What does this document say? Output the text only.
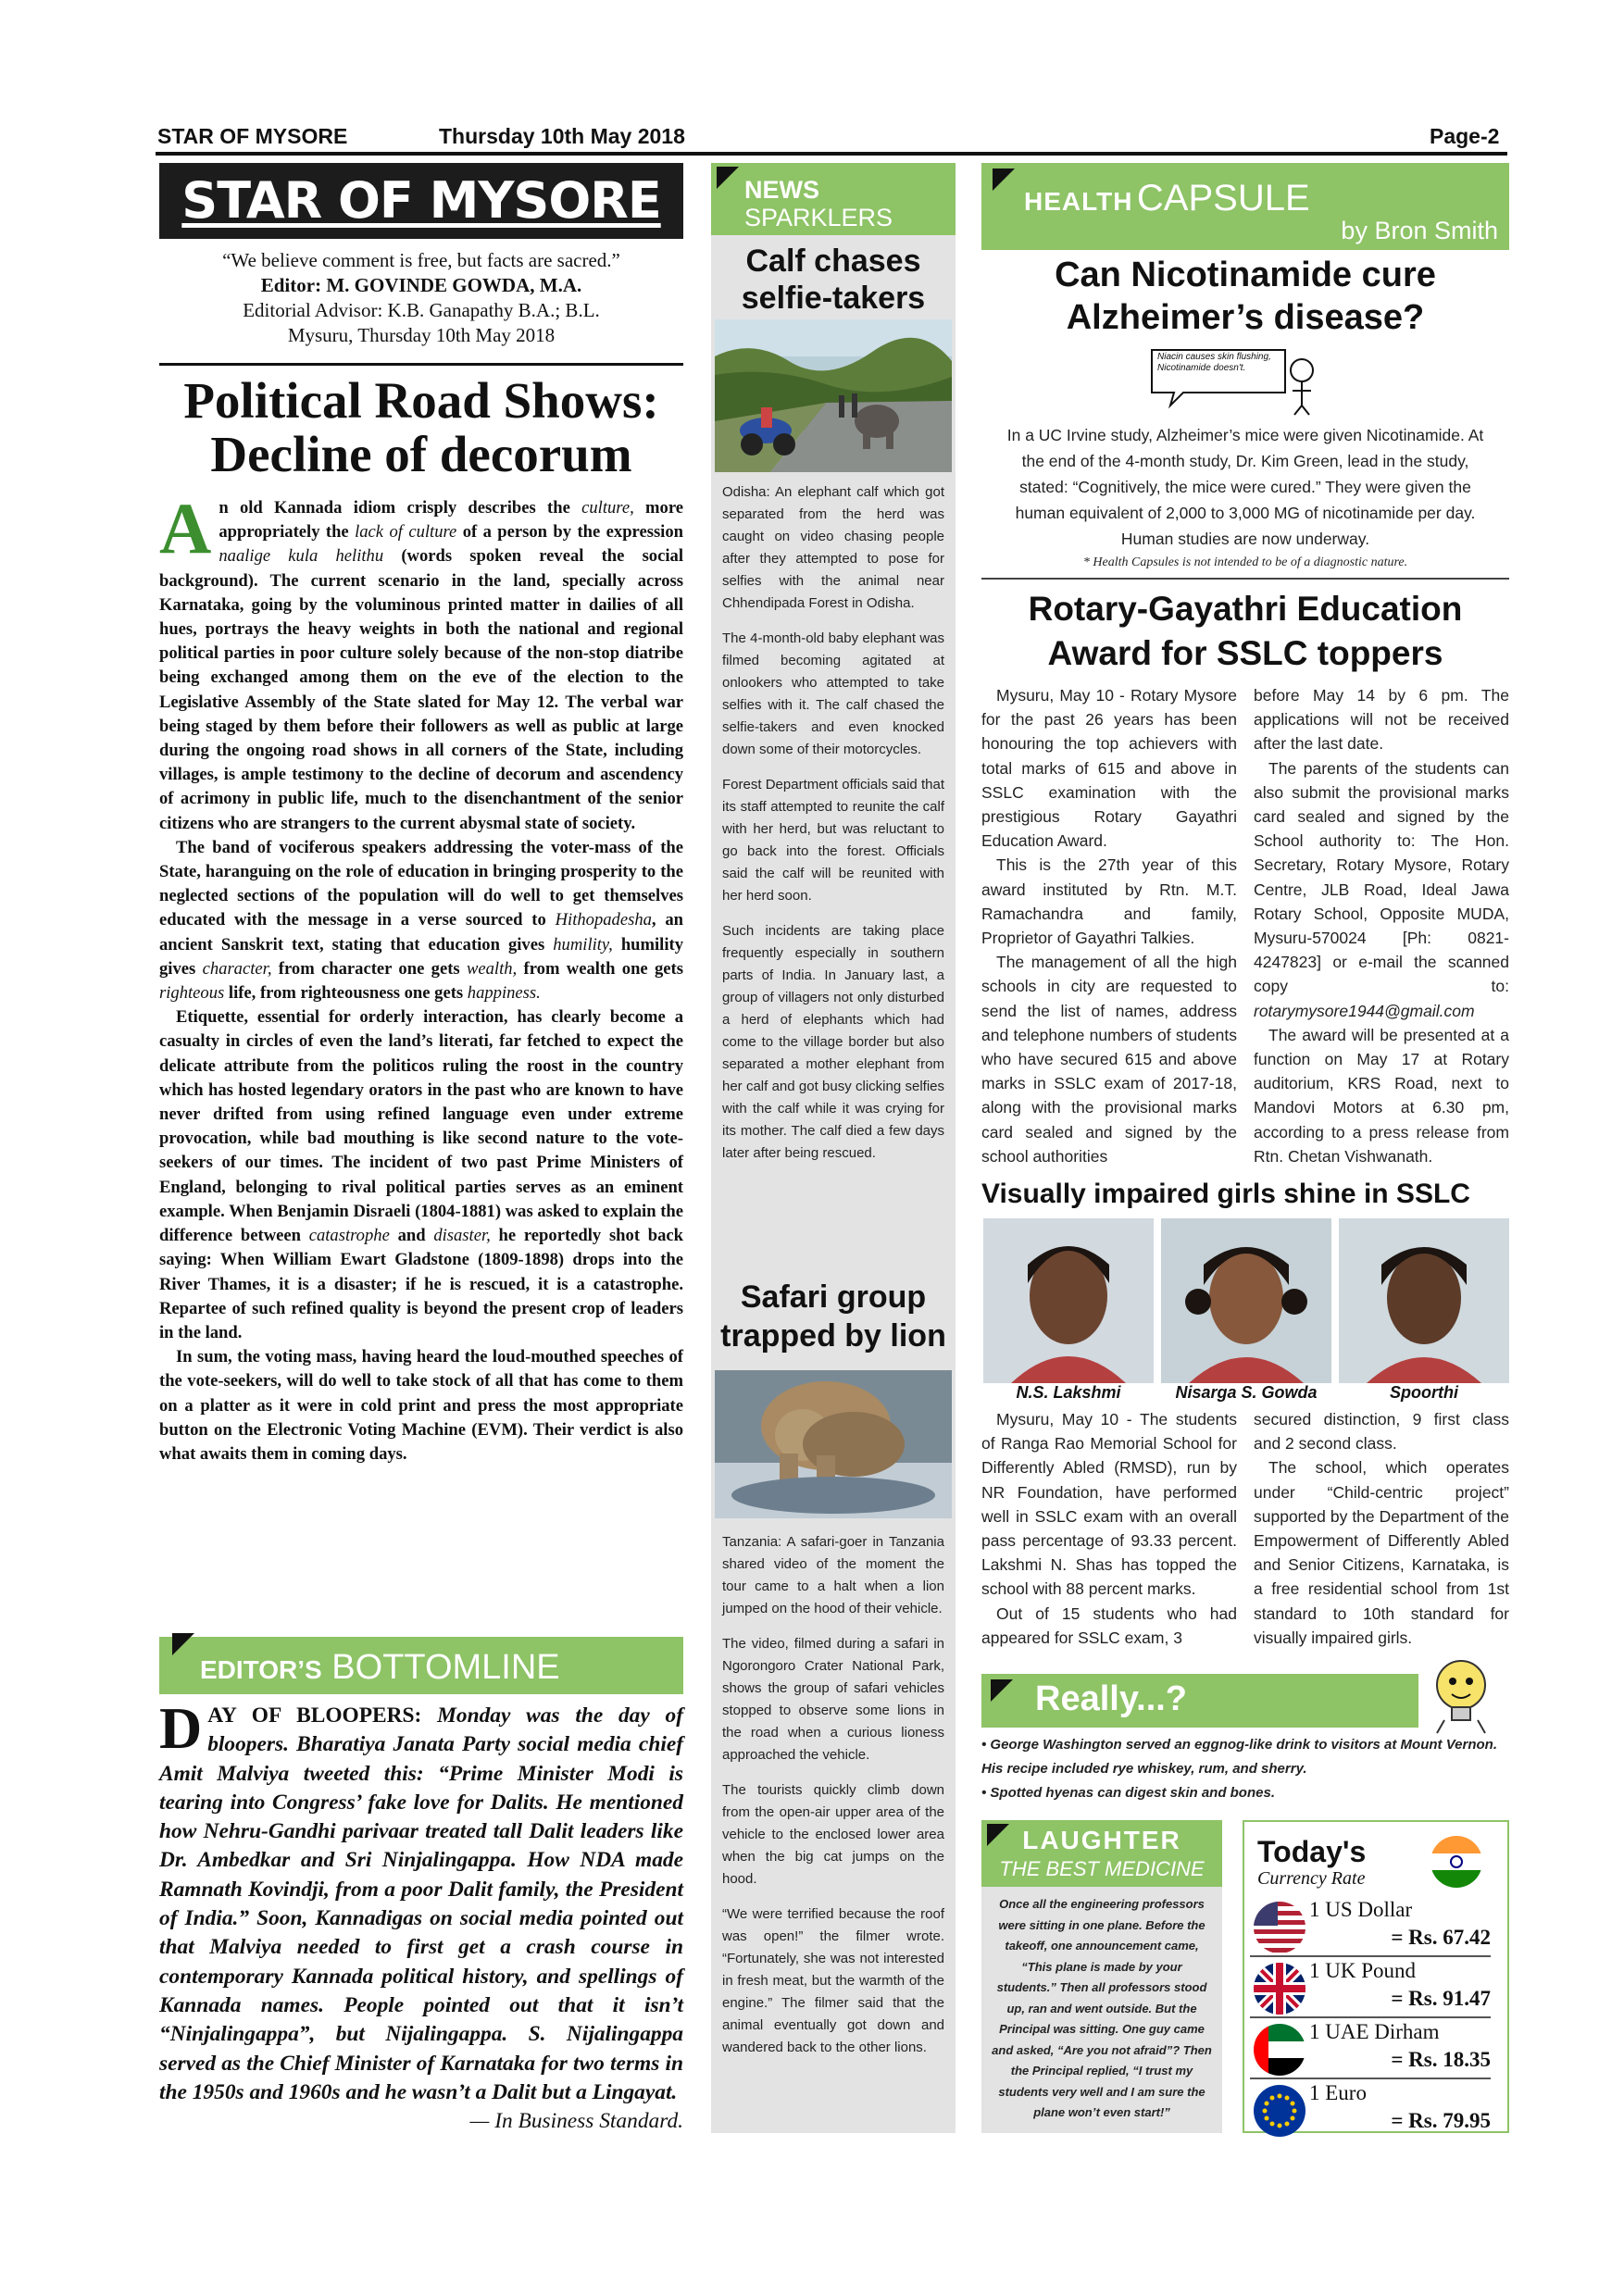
STAR OF MYSORE	Thursday 10th May 2018	Page-2
STAR OF MYSORE
“We believe comment is free, but facts are sacred.”
Editor: M. GOVINDE GOWDA, M.A.
Editorial Advisor: K.B. Ganapathy B.A.; B.L.
Mysuru, Thursday 10th May 2018
Political Road Shows: Decline of decorum

An old Kannada idiom crisply describes the culture, more appropriately the lack of culture of a person by the expression naalige kula helithu (words spoken reveal the social background). The current scenario in the land, specially across Karnataka, going by the voluminous printed matter in dailies of all hues, portrays the heavy weights in both the national and regional political parties in poor culture solely because of the non-stop diatribe being exchanged among them on the eve of the election to the Legislative Assembly of the State slated for May 12. The verbal war being staged by them before their followers as well as public at large during the ongoing road shows in all corners of the State, including villages, is ample testimony to the decline of decorum and ascendency of acrimony in public life, much to the disenchantment of the senior citizens who are strangers to the current abysmal state of society.

The band of vociferous speakers addressing the voter-mass of the State, haranguing on the role of education in bringing prosperity to the neglected sections of the population will do well to get themselves educated with the message in a verse sourced to Hithopadesha, an ancient Sanskrit text, stating that education gives humility, humility gives character, from character one gets wealth, from wealth one gets righteous life, from righteousness one gets happiness.

Etiquette, essential for orderly interaction, has clearly become a casualty in circles of even the land’s literati, far fetched to expect the delicate attribute from the politicos ruling the roost in the country which has hosted legendary orators in the past who are known to have never drifted from using refined language even under extreme provocation, while bad mouthing is like second nature to the vote-seekers of our times. The incident of two past Prime Ministers of England, belonging to rival political parties serves as an eminent example. When Benjamin Disraeli (1804-1881) was asked to explain the difference between catastrophe and disaster, he reportedly shot back saying: When William Ewart Gladstone (1809-1898) drops into the River Thames, it is a disaster; if he is rescued, it is a catastrophe. Repartee of such refined quality is beyond the present crop of leaders in the land.

In sum, the voting mass, having heard the loud-mouthed speeches of the vote-seekers, will do well to take stock of all that has come to them on a platter as it were in cold print and press the most appropriate button on the Electronic Voting Machine (EVM). Their verdict is also what awaits them in coming days.

EDITOR’S BOTTOMLINE
DAY OF BLOOPERS: Monday was the day of bloopers. Bharatiya Janata Party social media chief Amit Malviya tweeted this: “Prime Minister Modi is tearing into Congress’ fake love for Dalits. He mentioned how Nehru-Gandhi parivaar treated tall Dalit leaders like Dr. Ambedkar and Sri Ninjalingappa. How NDA made Ramnath Kovindji, from a poor Dalit family, the President of India.” Soon, Kannadigas on social media pointed out that Malviya needed to first get a crash course in contemporary Kannada political history, and spellings of Kannada names. People pointed out that it isn’t “Ninjalingappa”, but Nijalingappa. S. Nijalingappa served as the Chief Minister of Karnataka for two terms in the 1950s and 1960s and he wasn’t a Dalit but a Lingayat.
— In Business Standard.
NEWS
SPARKLERS
Calf chases selfie-takers

Odisha: An elephant calf which got separated from the herd was caught on video chasing people after they attempted to pose for selfies with the animal near Chhendipada Forest in Odisha.

The 4-month-old baby elephant was filmed becoming agitated at onlookers who attempted to take selfies with it. The calf chased the selfie-takers and even knocked down some of their motorcycles.

Forest Department officials said that its staff attempted to reunite the calf with her herd, but was reluctant to go back into the forest. Officials said the calf will be reunited with her herd soon.

Such incidents are taking place frequently especially in southern parts of India. In January last, a group of villagers not only disturbed a herd of elephants which had come to the village border but also separated a mother elephant from her calf and got busy clicking selfies with the calf while it was crying for its mother. The calf died a few days later after being rescued.

Safari group trapped by lion

Tanzania: A safari-goer in Tanzania shared video of the moment the tour came to a halt when a lion jumped on the hood of their vehicle.

The video, filmed during a safari in Ngorongoro Crater National Park, shows the group of safari vehicles stopped to observe some lions in the road when a curious lioness approached the vehicle.

The tourists quickly climb down from the open-air upper area of the vehicle to the enclosed lower area when the big cat jumps on the hood.

“We were terrified because the roof was open!” the filmer wrote. “Fortunately, she was not interested in fresh meat, but the warmth of the engine.” The filmer said that the animal eventually got down and wandered back to the other lions.

HEALTH CAPSULE
by Bron Smith
Can Nicotinamide cure Alzheimer’s disease?
Niacin causes skin flushing, Nicotinamide doesn't.
In a UC Irvine study, Alzheimer’s mice were given Nicotinamide. At the end of the 4-month study, Dr. Kim Green, lead in the study, stated: “Cognitively, the mice were cured.” They were given the human equivalent of 2,000 to 3,000 MG of nicotinamide per day. Human studies are now underway.
* Health Capsules is not intended to be of a diagnostic nature.
Rotary-Gayathri Education Award for SSLC toppers

Mysuru, May 10 - Rotary Mysore for the past 26 years has been honouring the top achievers with total marks of 615 and above in SSLC examination with the prestigious Rotary Gayathri Education Award.

This is the 27th year of this award instituted by Rtn. M.T. Ramachandra and family, Proprietor of Gayathri Talkies.

The management of all the high schools in city are requested to send the list of names, address and telephone numbers of students who have secured 615 and above marks in SSLC exam of 2017-18, along with the provisional marks card sealed and signed by the school authorities

before May 14 by 6 pm. The applications will not be received after the last date.

The parents of the students can also submit the provisional marks card sealed and signed by the School authority to: The Hon. Secretary, Rotary Mysore, Rotary Centre, JLB Road, Ideal Jawa Rotary School, Opposite MUDA, Mysuru-570024 [Ph: 0821-4247823] or e-mail the scanned copy to: rotarymysore1944@gmail.com

The award will be presented at a function on May 17 at Rotary auditorium, KRS Road, next to Mandovi Motors at 6.30 pm, according to a press release from Rtn. Chetan Vishwanath.

Visually impaired girls shine in SSLC
N.S. Lakshmi	Nisarga S. Gowda	Spoorthi

Mysuru, May 10 - The students of Ranga Rao Memorial School for Differently Abled (RMSD), run by NR Foundation, have performed well in SSLC exam with an overall pass percentage of 93.33 percent. Lakshmi N. Shas has topped the school with 88 percent marks.

Out of 15 students who had appeared for SSLC exam, 3

secured distinction, 9 first class and 2 second class.

The school, which operates under “Child-centric project” supported by the Department of the Empowerment of Differently Abled and Senior Citizens, Karnataka, is a free residential school from 1st standard to 10th standard for visually impaired girls.

Really...?
• George Washington served an eggnog-like drink to visitors at Mount Vernon. His recipe included rye whiskey, rum, and sherry.
• Spotted hyenas can digest skin and bones.
LAUGHTER
THE BEST MEDICINE
Once all the engineering professors were sitting in one plane. Before the takeoff, one announcement came, “This plane is made by your students.” Then all professors stood up, ran and went outside. But the Principal was sitting. One guy came and asked, “Are you not afraid”? Then the Principal replied, “I trust my students very well and I am sure the plane won’t even start!”
Today's
Currency Rate
1 US Dollar
= Rs. 67.42
1 UK Pound
= Rs. 91.47
1 UAE Dirham
= Rs. 18.35
1 Euro
= Rs. 79.95
